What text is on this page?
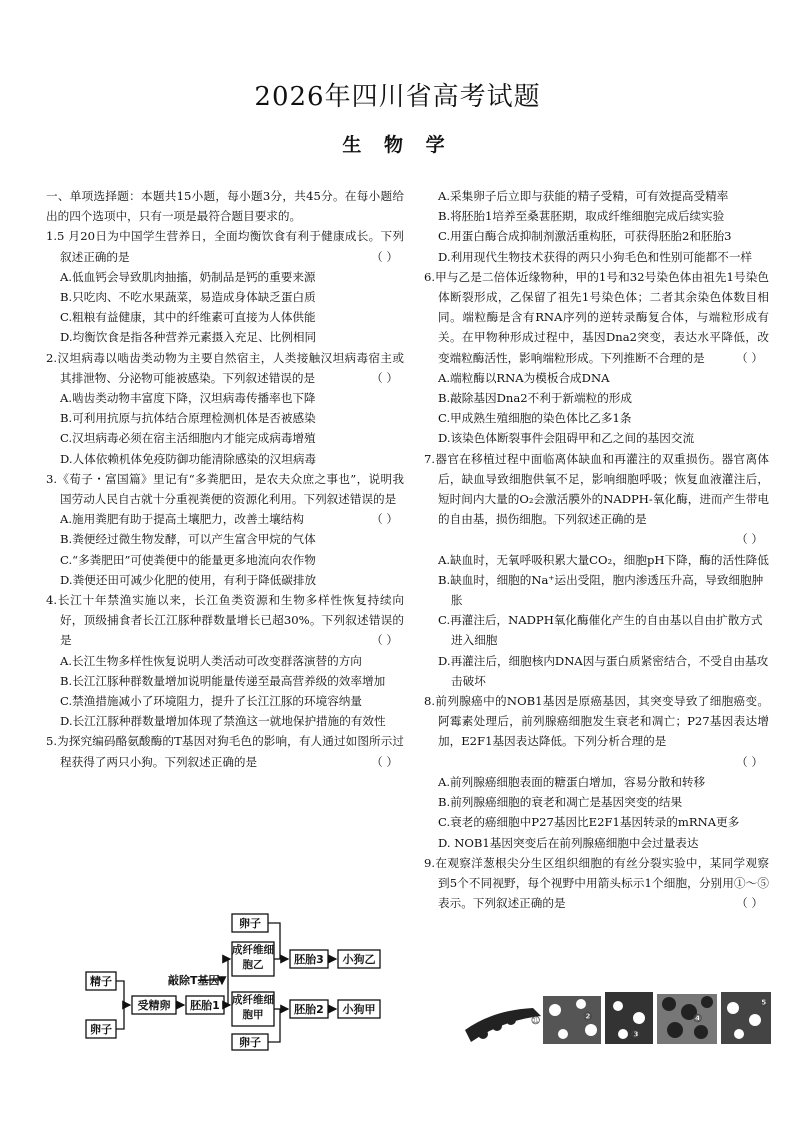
2026年四川省高考试题
生 物 学

一、单项选择题：本题共15小题，每小题3分，共45分。在每小题给出的四个选项中，只有一项是最符合题目要求的。

1.5 月20日为中国学生营养日，全面均衡饮食有利于健康成长。下列叙述正确的是	（ ）

A.低血钙会导致肌肉抽搐，奶制品是钙的重要来源

B.只吃肉、不吃水果蔬菜，易造成身体缺乏蛋白质

C.粗粮有益健康，其中的纤维素可直接为人体供能

D.均衡饮食是指各种营养元素摄入充足、比例相同

2.汉坦病毒以啮齿类动物为主要自然宿主，人类接触汉坦病毒宿主或其排泄物、分泌物可能被感染。下列叙述错误的是	（ ）

A.啮齿类动物丰富度下降，汉坦病毒传播率也下降

B.可利用抗原与抗体结合原理检测机体是否被感染

C.汉坦病毒必须在宿主活细胞内才能完成病毒增殖

D.人体依赖机体免疫防御功能清除感染的汉坦病毒

3.《荀子・富国篇》里记有“多粪肥田，是农夫众庶之事也”，说明我国劳动人民自古就十分重视粪便的资源化利用。下列叙述错误的是
（ ）

A.施用粪肥有助于提高土壤肥力，改善土壤结构

B.粪便经过微生物发酵，可以产生富含甲烷的气体

C.“多粪肥田”可使粪便中的能量更多地流向农作物

D.粪便还田可减少化肥的使用，有利于降低碳排放

4.长江十年禁渔实施以来，长江鱼类资源和生物多样性恢复持续向好，顶级捕食者长江江豚种群数量增长已超30%。下列叙述错误的是	（ ）

A.长江生物多样性恢复说明人类活动可改变群落演替的方向

B.长江江豚种群数量增加说明能量传递至最高营养级的效率增加

C.禁渔措施减小了环境阻力，提升了长江江豚的环境容纳量

D.长江江豚种群数量增加体现了禁渔这一就地保护措施的有效性

5.为探究编码酪氨酸酶的T基因对狗毛色的影响，有人通过如图所示过程获得了两只小狗。下列叙述正确的是	（ ）

精子
卵子
受精卵 胚胎1
敲除T基因
卵子
成纤维细胞乙
成纤维细胞甲
卵子
胚胎3
胚胎2
小狗乙
小狗甲

A.采集卵子后立即与获能的精子受精，可有效提高受精率

B.将胚胎1培养至桑葚胚期，取成纤维细胞完成后续实验

C.用蛋白酶合成抑制剂激活重构胚，可获得胚胎2和胚胎3

D.利用现代生物技术获得的两只小狗毛色和性别可能都不一样

6.甲与乙是二倍体近缘物种，甲的1号和32号染色体由祖先1号染色体断裂形成，乙保留了祖先1号染色体；二者其余染色体数目相同。端粒酶是含有RNA序列的逆转录酶复合体，与端粒形成有关。在甲物种形成过程中，基因Dna2突变，表达水平降低，改变端粒酶活性，影响端粒形成。下列推断不合理的是	（ ）

A.端粒酶以RNA为模板合成DNA

B.敲除基因Dna2不利于新端粒的形成

C.甲成熟生殖细胞的染色体比乙多1条

D.该染色体断裂事件会阻碍甲和乙之间的基因交流

7.器官在移植过程中面临离体缺血和再灌注的双重损伤。器官离体后，缺血导致细胞供氧不足，影响细胞呼吸；恢复血液灌注后，短时间内大量的O₂会激活膜外的NADPH-氧化酶，进而产生带电的自由基，损伤细胞。下列叙述正确的是

（ ）

A.缺血时，无氧呼吸积累大量CO₂，细胞pH下降，酶的活性降低

B.缺血时，细胞的Na⁺运出受阻，胞内渗透压升高，导致细胞肿胀

C.再灌注后，NADPH氧化酶催化产生的自由基以自由扩散方式进入细胞

D.再灌注后，细胞核内DNA因与蛋白质紧密结合，不受自由基攻击破坏

8.前列腺癌中的NOB1基因是原癌基因，其突变导致了细胞癌变。阿霉素处理后，前列腺癌细胞发生衰老和凋亡；P27基因表达增加，E2F1基因表达降低。下列分析合理的是

（ ）

A.前列腺癌细胞表面的糖蛋白增加，容易分散和转移

B.前列腺癌细胞的衰老和凋亡是基因突变的结果

C.衰老的癌细胞中P27基因比E2F1基因转录的mRNA更多

D. NOB1基因突变后在前列腺癌细胞中会过量表达

9.在观察洋葱根尖分生区组织细胞的有丝分裂实验中，某同学观察到5个不同视野，每个视野中用箭头标示1个细胞，分别用①～⑤表示。下列叙述正确的是	（ ）

①	②
③
④
⑤
